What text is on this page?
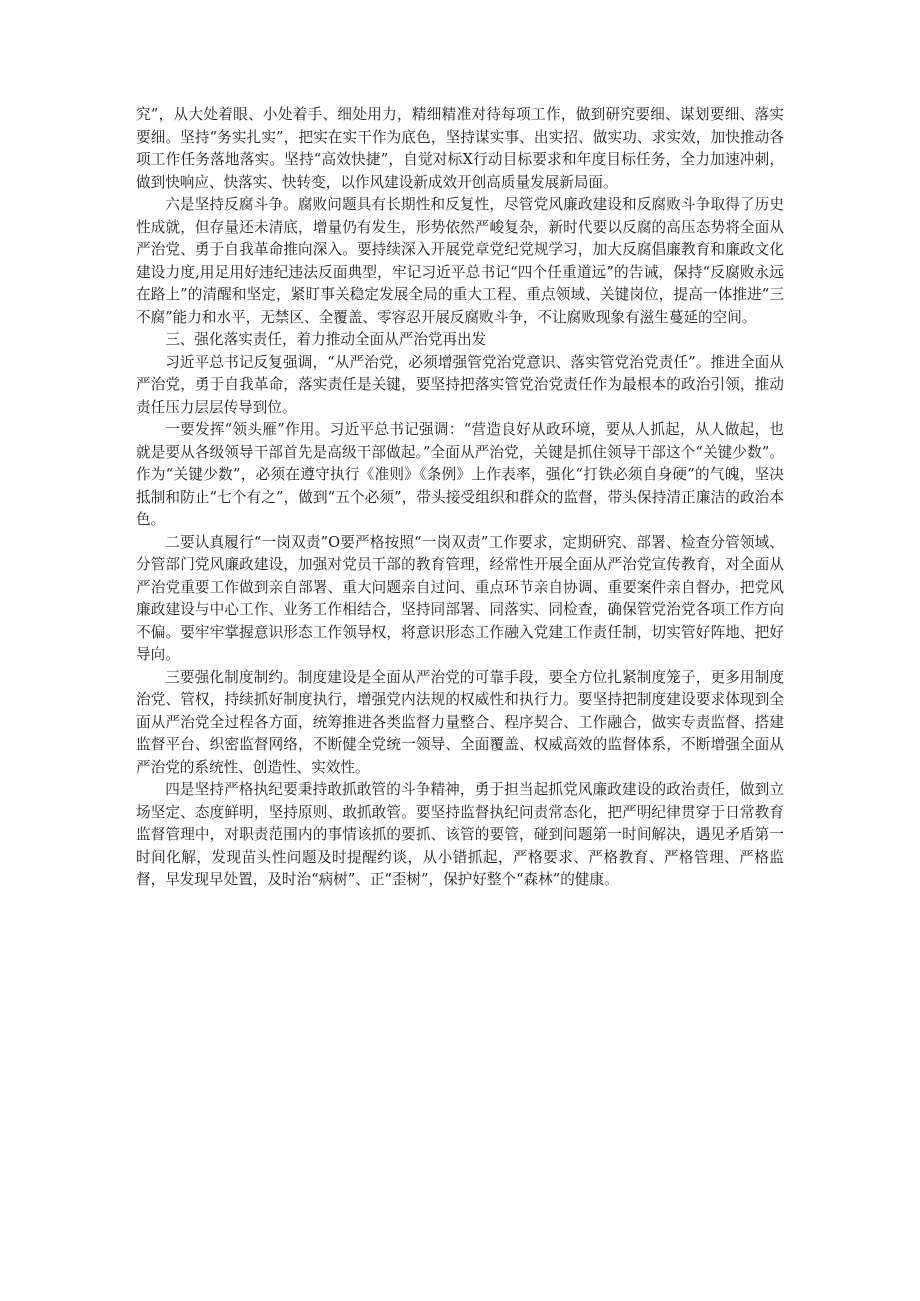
究”，从大处着眼、小处着手、细处用力，精细精准对待每项工作，做到研究要细、谋划要细、落实要细。坚持“务实扎实”，把实在实干作为底色，坚持谋实事、出实招、做实功、求实效，加快推动各项工作任务落地落实。坚持“高效快捷”，自觉对标X行动目标要求和年度目标任务，全力加速冲刺，做到快响应、快落实、快转变，以作风建设新成效开创高质量发展新局面。

六是坚持反腐斗争。腐败问题具有长期性和反复性，尽管党风廉政建设和反腐败斗争取得了历史性成就，但存量还未清底，增量仍有发生，形势依然严峻复杂，新时代要以反腐的高压态势将全面从严治党、勇于自我革命推向深入。要持续深入开展党章党纪党规学习，加大反腐倡廉教育和廉政文化建设力度,用足用好违纪违法反面典型，牢记习近平总书记“四个任重道远”的告诫，保持“反腐败永远在路上”的清醒和坚定，紧盯事关稳定发展全局的重大工程、重点领域、关键岗位，提高一体推进“三不腐”能力和水平，无禁区、全覆盖、零容忍开展反腐败斗争，不让腐败现象有滋生蔓延的空间。

三、强化落实责任，着力推动全面从严治党再出发

习近平总书记反复强调，“从严治党，必须增强管党治党意识、落实管党治党责任”。推进全面从严治党，勇于自我革命，落实责任是关键，要坚持把落实管党治党责任作为最根本的政治引领，推动责任压力层层传导到位。

一要发挥“领头雁”作用。习近平总书记强调：“营造良好从政环境，要从人抓起，从人做起，也就是要从各级领导干部首先是高级干部做起。”全面从严治党，关键是抓住领导干部这个“关键少数”。作为“关键少数”，必须在遵守执行《准则》《条例》上作表率，强化“打铁必须自身硬”的气魄，坚决抵制和防止“七个有之”，做到“五个必须”，带头接受组织和群众的监督，带头保持清正廉洁的政治本色。

二要认真履行“一岗双责”O要严格按照“一岗双责”工作要求，定期研究、部署、检查分管领域、分管部门党风廉政建设，加强对党员干部的教育管理，经常性开展全面从严治党宣传教育，对全面从严治党重要工作做到亲自部署、重大问题亲自过问、重点环节亲自协调、重要案件亲自督办，把党风廉政建设与中心工作、业务工作相结合，坚持同部署、同落实、同检查，确保管党治党各项工作方向不偏。要牢牢掌握意识形态工作领导权，将意识形态工作融入党建工作责任制，切实管好阵地、把好导向。

三要强化制度制约。制度建设是全面从严治党的可靠手段，要全方位扎紧制度笼子，更多用制度治党、管权，持续抓好制度执行，增强党内法规的权威性和执行力。要坚持把制度建设要求体现到全面从严治党全过程各方面，统筹推进各类监督力量整合、程序契合、工作融合，做实专责监督、搭建监督平台、织密监督网络，不断健全党统一领导、全面覆盖、权威高效的监督体系，不断增强全面从严治党的系统性、创造性、实效性。

四是坚持严格执纪要秉持敢抓敢管的斗争精神，勇于担当起抓党风廉政建设的政治责任，做到立场坚定、态度鲜明，坚持原则、敢抓敢管。要坚持监督执纪问责常态化，把严明纪律贯穿于日常教育监督管理中，对职责范围内的事情该抓的要抓、该管的要管，碰到问题第一时间解决，遇见矛盾第一时间化解，发现苗头性问题及时提醒约谈，从小错抓起，严格要求、严格教育、严格管理、严格监督，早发现早处置，及时治“病树”、正“歪树”，保护好整个“森林”的健康。
